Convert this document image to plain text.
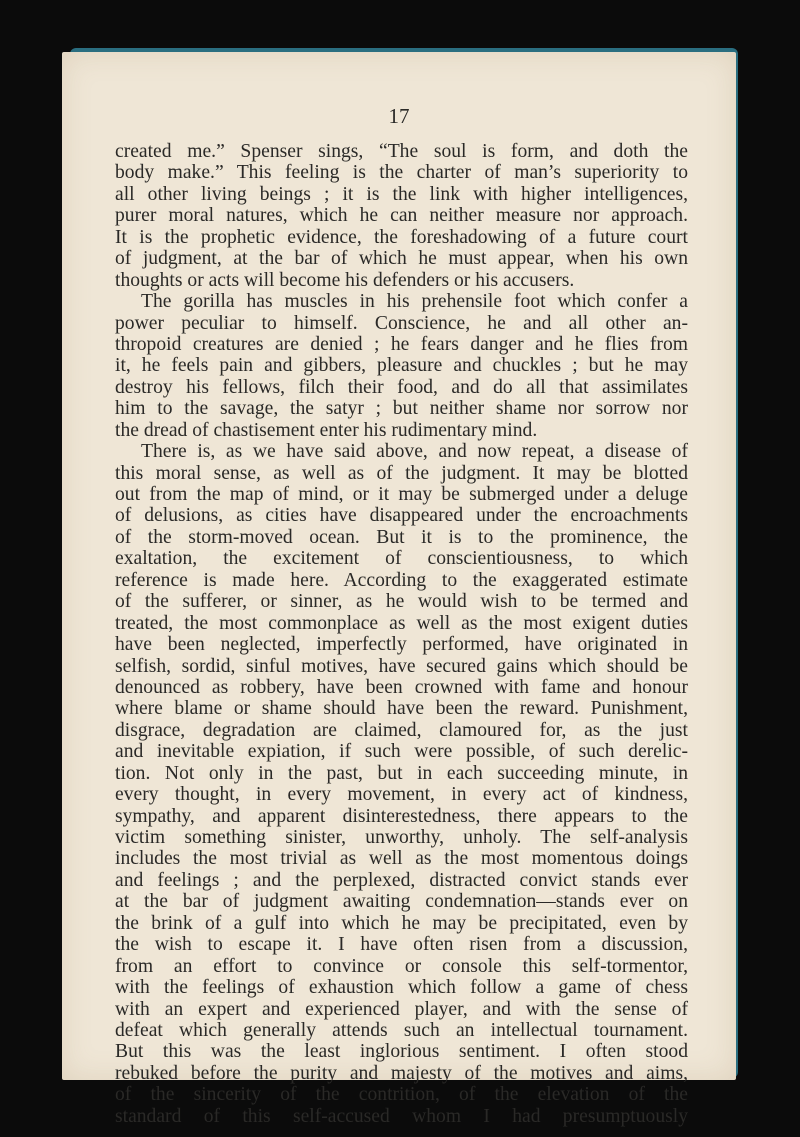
17
created me.” Spenser sings, “The soul is form, and doth the
body make.” This feeling is the charter of man’s superiority to
all other living beings ; it is the link with higher intelligences,
purer moral natures, which he can neither measure nor approach.
It is the prophetic evidence, the foreshadowing of a future court
of judgment, at the bar of which he must appear, when his own
thoughts or acts will become his defenders or his accusers.
The gorilla has muscles in his prehensile foot which confer a
power peculiar to himself. Conscience, he and all other an-
thropoid creatures are denied ; he fears danger and he flies from
it, he feels pain and gibbers, pleasure and chuckles ; but he may
destroy his fellows, filch their food, and do all that assimilates
him to the savage, the satyr ; but neither shame nor sorrow nor
the dread of chastisement enter his rudimentary mind.
There is, as we have said above, and now repeat, a disease of
this moral sense, as well as of the judgment. It may be blotted
out from the map of mind, or it may be submerged under a deluge
of delusions, as cities have disappeared under the encroachments
of the storm-moved ocean. But it is to the prominence, the
exaltation, the excitement of conscientiousness, to which
reference is made here. According to the exaggerated estimate
of the sufferer, or sinner, as he would wish to be termed and
treated, the most commonplace as well as the most exigent duties
have been neglected, imperfectly performed, have originated in
selfish, sordid, sinful motives, have secured gains which should be
denounced as robbery, have been crowned with fame and honour
where blame or shame should have been the reward. Punishment,
disgrace, degradation are claimed, clamoured for, as the just
and inevitable expiation, if such were possible, of such derelic-
tion. Not only in the past, but in each succeeding minute, in
every thought, in every movement, in every act of kindness,
sympathy, and apparent disinterestedness, there appears to the
victim something sinister, unworthy, unholy. The self-analysis
includes the most trivial as well as the most momentous doings
and feelings ; and the perplexed, distracted convict stands ever
at the bar of judgment awaiting condemnation—stands ever on
the brink of a gulf into which he may be precipitated, even by
the wish to escape it. I have often risen from a discussion,
from an effort to convince or console this self-tormentor,
with the feelings of exhaustion which follow a game of chess
with an expert and experienced player, and with the sense of
defeat which generally attends such an intellectual tournament.
But this was the least inglorious sentiment. I often stood
rebuked before the purity and majesty of the motives and aims,
of the sincerity of the contrition, of the elevation of the
standard of this self-accused whom I had presumptuously
